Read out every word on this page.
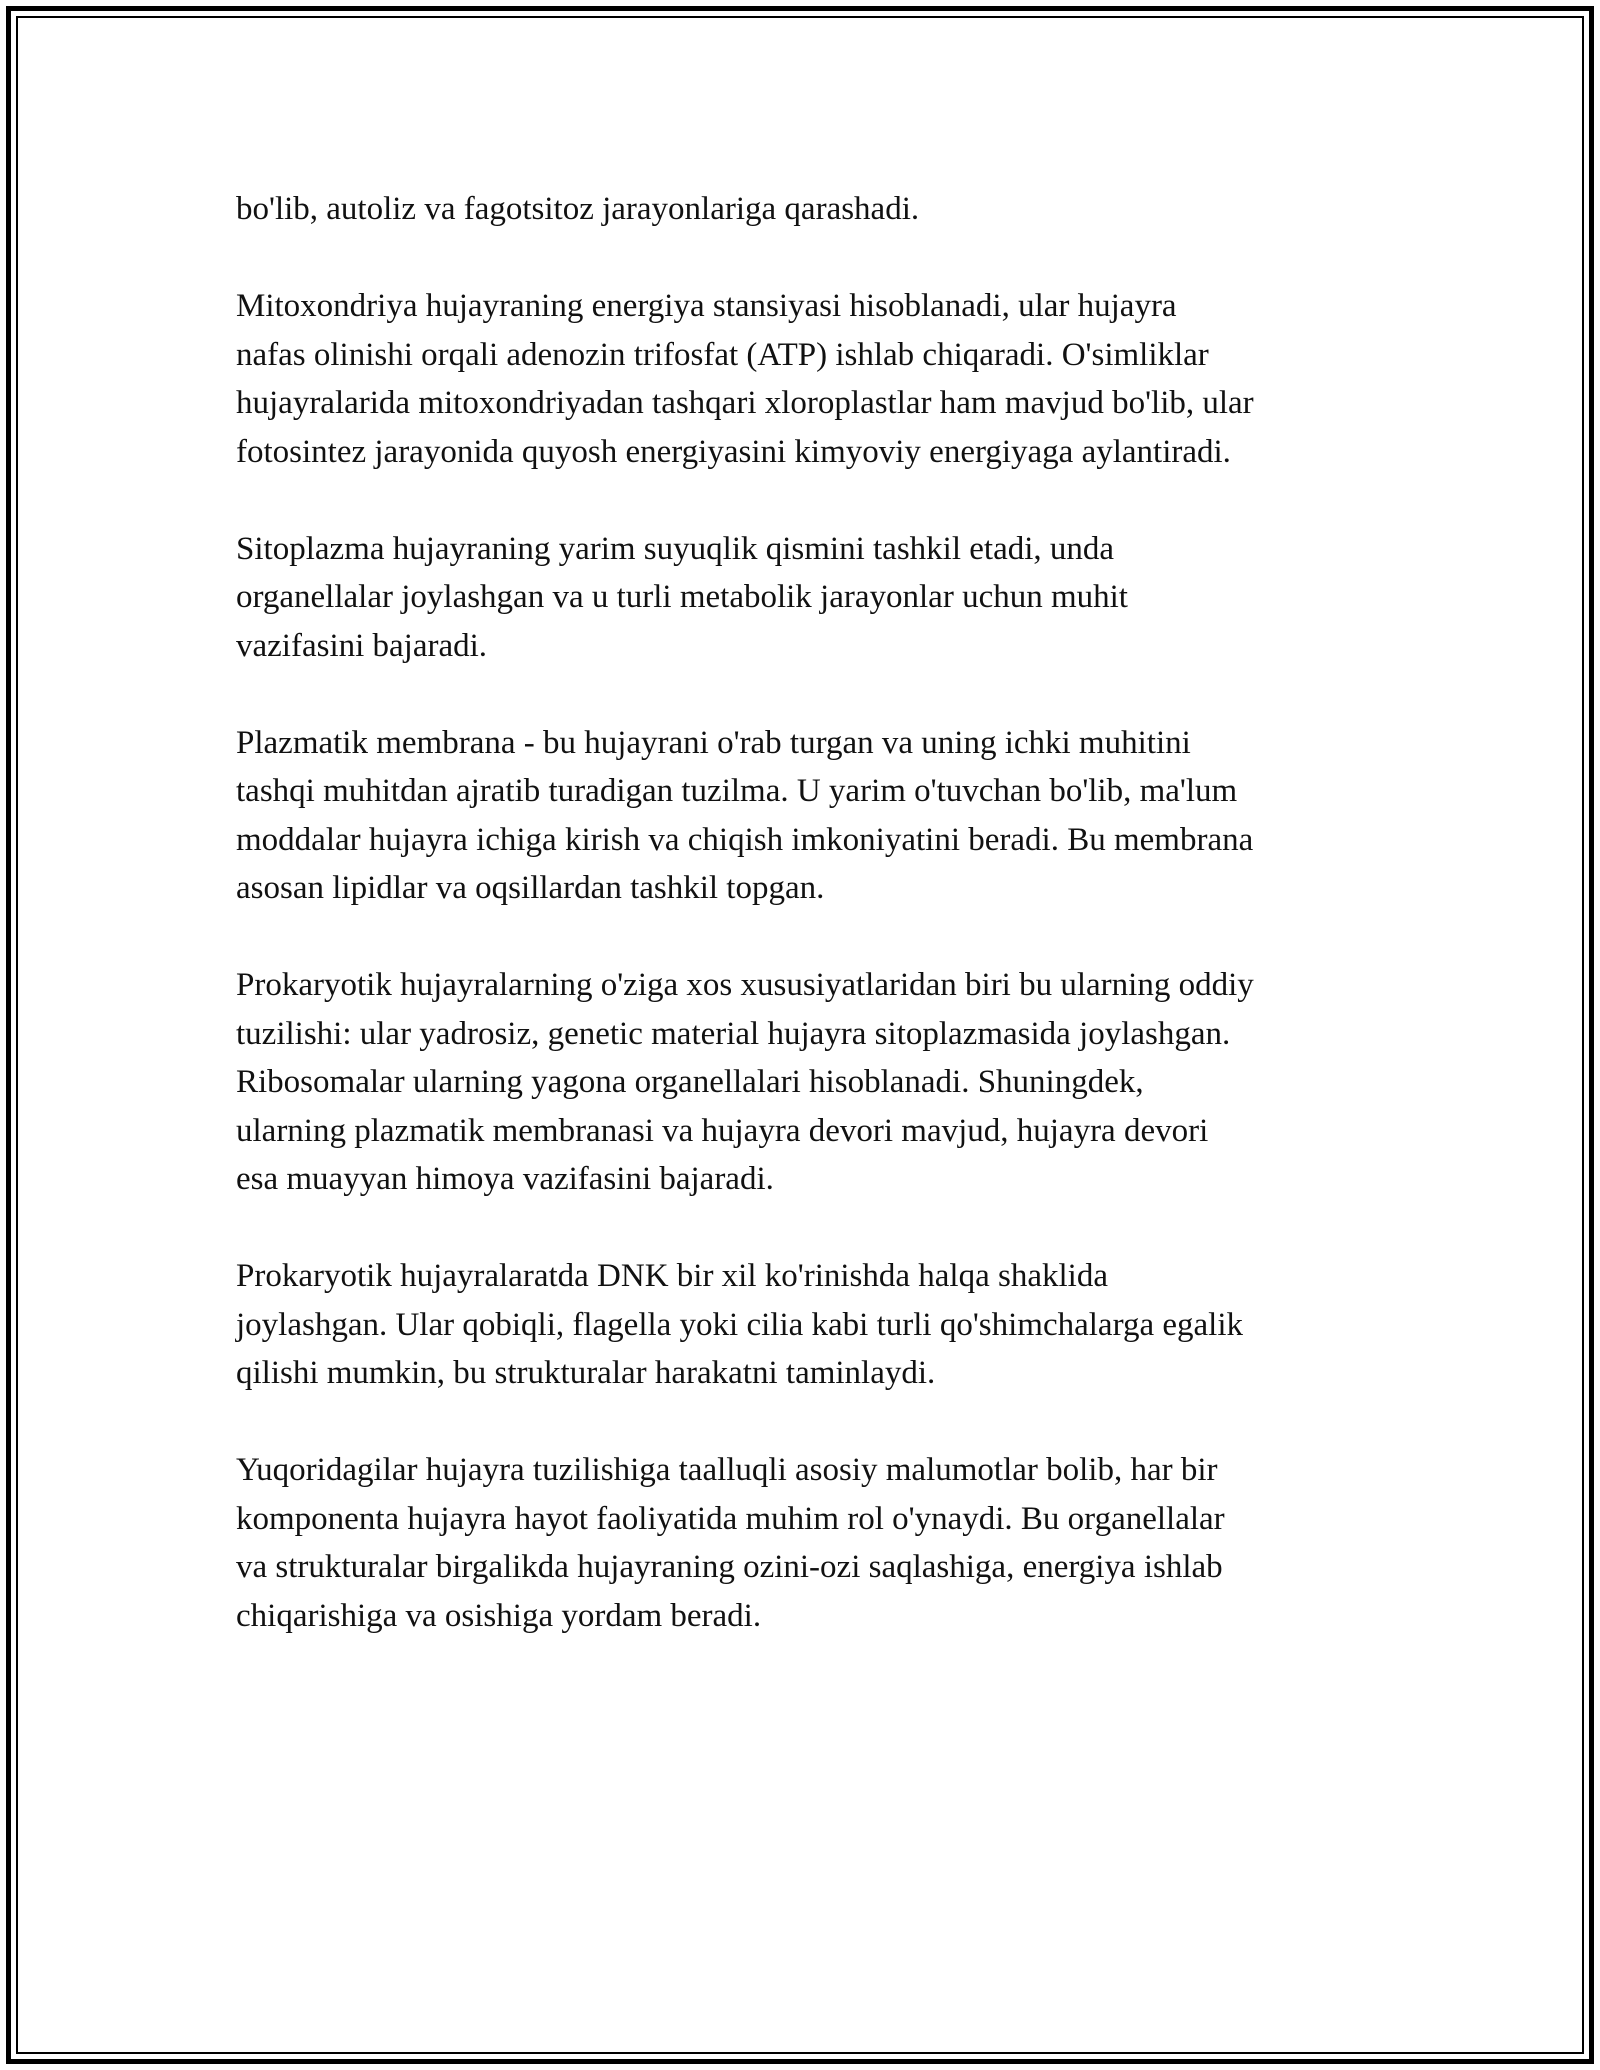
bo'lib, autoliz va fagotsitoz jarayonlariga qarashadi.

Mitoxondriya hujayraning energiya stansiyasi hisoblanadi, ular hujayra
nafas olinishi orqali adenozin trifosfat (ATP) ishlab chiqaradi. O'simliklar
hujayralarida mitoxondriyadan tashqari xloroplastlar ham mavjud bo'lib, ular
fotosintez jarayonida quyosh energiyasini kimyoviy energiyaga aylantiradi.

Sitoplazma hujayraning yarim suyuqlik qismini tashkil etadi, unda
organellalar joylashgan va u turli metabolik jarayonlar uchun muhit
vazifasini bajaradi.

Plazmatik membrana - bu hujayrani o'rab turgan va uning ichki muhitini
tashqi muhitdan ajratib turadigan tuzilma. U yarim o'tuvchan bo'lib, ma'lum
moddalar hujayra ichiga kirish va chiqish imkoniyatini beradi. Bu membrana
asosan lipidlar va oqsillardan tashkil topgan.

Prokaryotik hujayralarning o'ziga xos xususiyatlaridan biri bu ularning oddiy
tuzilishi: ular yadrosiz, genetic material hujayra sitoplazmasida joylashgan.
Ribosomalar ularning yagona organellalari hisoblanadi. Shuningdek,
ularning plazmatik membranasi va hujayra devori mavjud, hujayra devori
esa muayyan himoya vazifasini bajaradi.

Prokaryotik hujayralaratda DNK bir xil ko'rinishda halqa shaklida
joylashgan. Ular qobiqli, flagella yoki cilia kabi turli qo'shimchalarga egalik
qilishi mumkin, bu strukturalar harakatni taminlaydi.

Yuqoridagilar hujayra tuzilishiga taalluqli asosiy malumotlar bolib, har bir
komponenta hujayra hayot faoliyatida muhim rol o'ynaydi. Bu organellalar
va strukturalar birgalikda hujayraning ozini-ozi saqlashiga, energiya ishlab
chiqarishiga va osishiga yordam beradi.
